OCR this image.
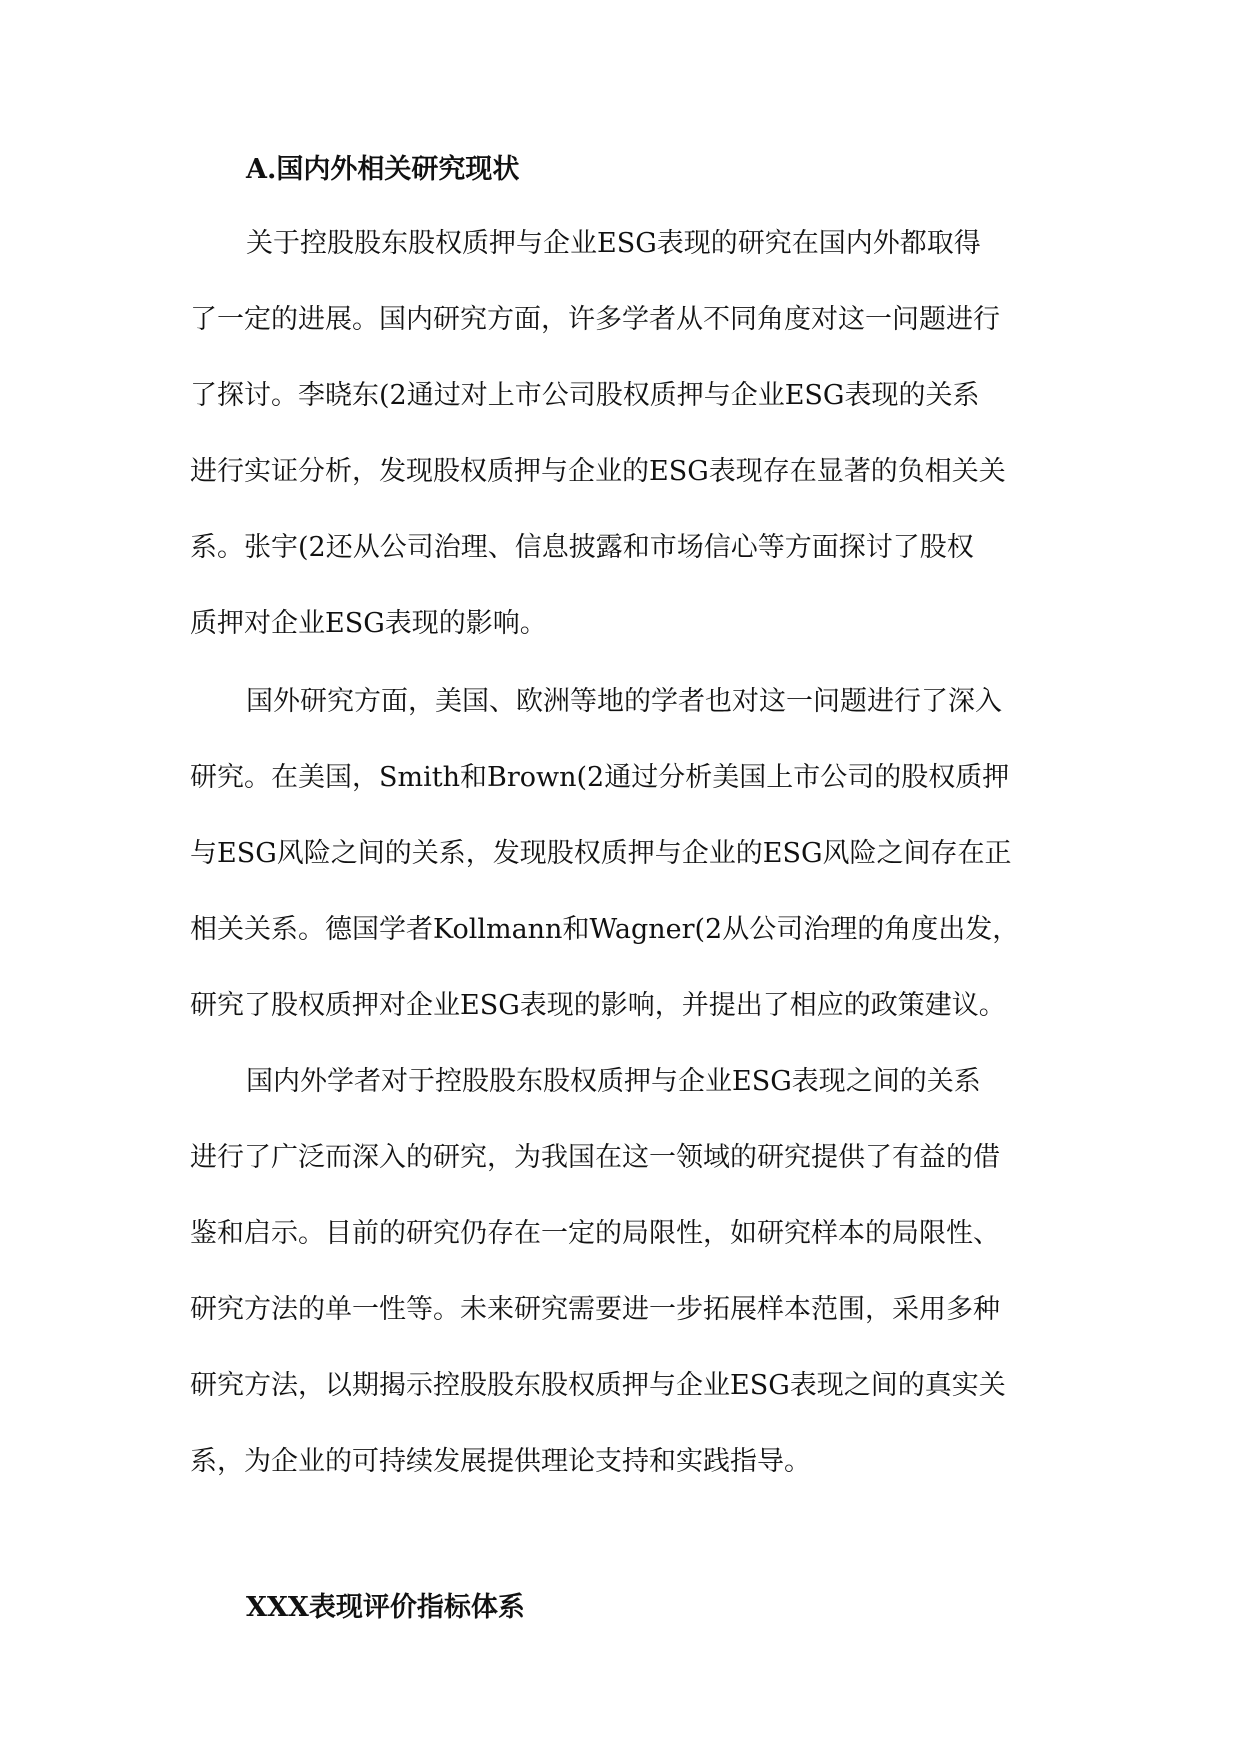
A.国内外相关研究现状
关于控股股东股权质押与企业ESG表现的研究在国内外都取得
了一定的进展。国内研究方面，许多学者从不同角度对这一问题进行
了探讨。李晓东(2通过对上市公司股权质押与企业ESG表现的关系
进行实证分析，发现股权质押与企业的ESG表现存在显著的负相关关
系。张宇(2还从公司治理、信息披露和市场信心等方面探讨了股权
质押对企业ESG表现的影响。
国外研究方面，美国、欧洲等地的学者也对这一问题进行了深入
研究。在美国，Smith和Brown(2通过分析美国上市公司的股权质押
与ESG风险之间的关系，发现股权质押与企业的ESG风险之间存在正
相关关系。德国学者Kollmann和Wagner(2从公司治理的角度出发，
研究了股权质押对企业ESG表现的影响，并提出了相应的政策建议。
国内外学者对于控股股东股权质押与企业ESG表现之间的关系
进行了广泛而深入的研究，为我国在这一领域的研究提供了有益的借
鉴和启示。目前的研究仍存在一定的局限性，如研究样本的局限性、
研究方法的单一性等。未来研究需要进一步拓展样本范围，采用多种
研究方法，以期揭示控股股东股权质押与企业ESG表现之间的真实关
系，为企业的可持续发展提供理论支持和实践指导。
XXX表现评价指标体系
